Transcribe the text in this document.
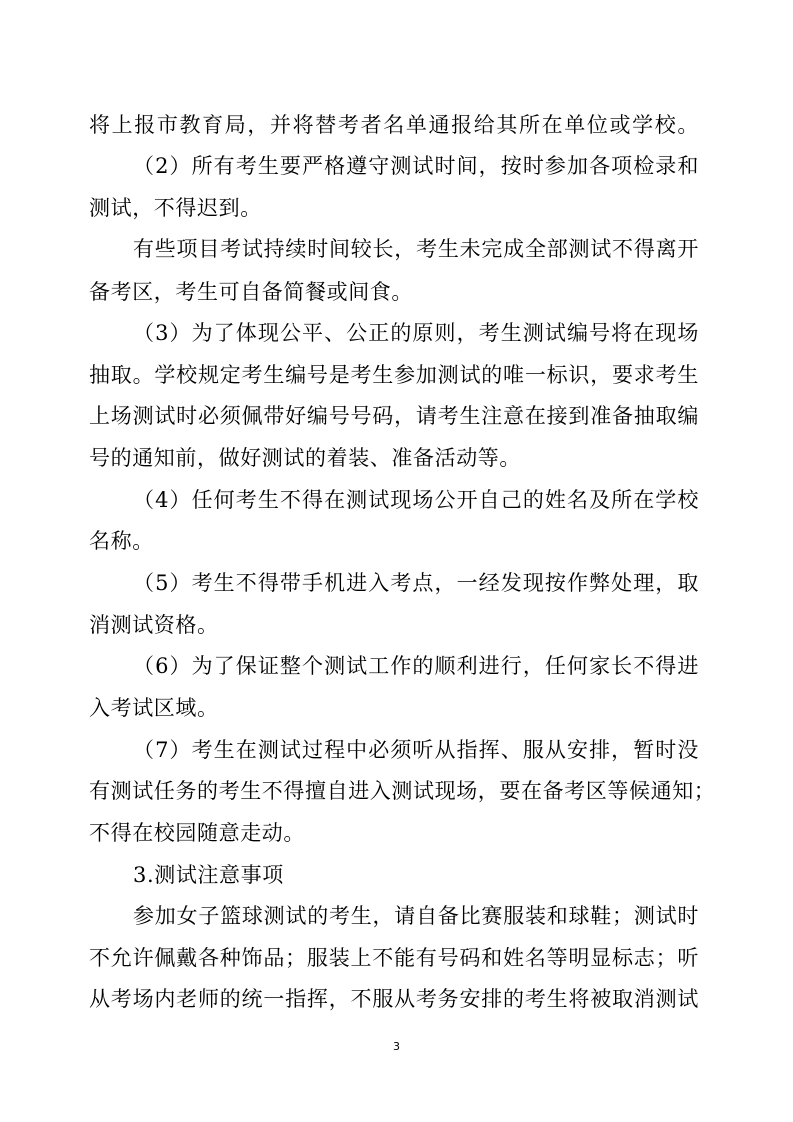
将上报市教育局，并将替考者名单通报给其所在单位或学校。
（2）所有考生要严格遵守测试时间，按时参加各项检录和
测试，不得迟到。
有些项目考试持续时间较长，考生未完成全部测试不得离开
备考区，考生可自备简餐或间食。
（3）为了体现公平、公正的原则，考生测试编号将在现场
抽取。学校规定考生编号是考生参加测试的唯一标识，要求考生
上场测试时必须佩带好编号号码，请考生注意在接到准备抽取编
号的通知前，做好测试的着装、准备活动等。
（4）任何考生不得在测试现场公开自己的姓名及所在学校
名称。
（5）考生不得带手机进入考点，一经发现按作弊处理，取
消测试资格。
（6）为了保证整个测试工作的顺利进行，任何家长不得进
入考试区域。
（7）考生在测试过程中必须听从指挥、服从安排，暂时没
有测试任务的考生不得擅自进入测试现场，要在备考区等候通知；
不得在校园随意走动。
3.测试注意事项
参加女子篮球测试的考生，请自备比赛服装和球鞋；测试时
不允许佩戴各种饰品；服装上不能有号码和姓名等明显标志；听
从考场内老师的统一指挥，不服从考务安排的考生将被取消测试
3
